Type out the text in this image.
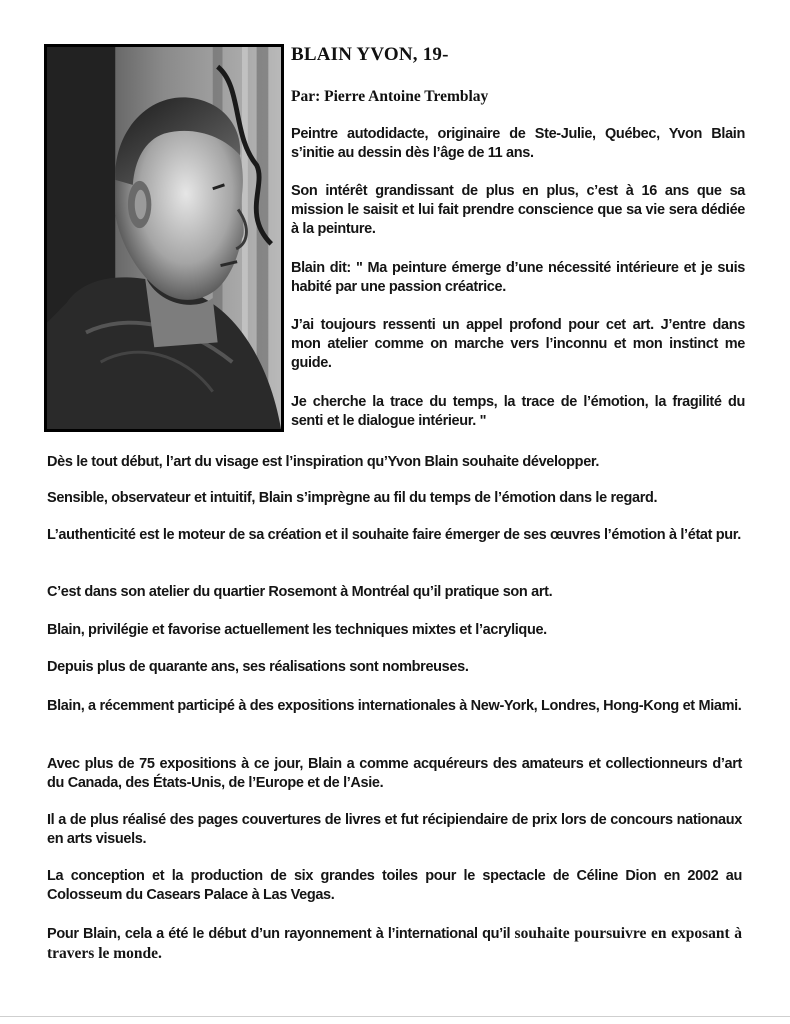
BLAIN YVON, 19-
Par: Pierre Antoine Tremblay

Peintre autodidacte, originaire de Ste-Julie, Québec, Yvon Blain s’initie au dessin dès l’âge de 11 ans.

Son intérêt grandissant de plus en plus, c’est à 16 ans que sa mission le saisit et lui fait prendre conscience que sa vie sera dédiée à la peinture.

Blain dit: " Ma peinture émerge d’une nécessité intérieure et je suis habité par une passion créatrice.

J’ai toujours ressenti un appel profond pour cet art. J’entre dans mon atelier comme on marche vers l’inconnu et mon instinct me guide.

Je cherche la trace du temps, la trace de l’émotion, la fragilité du senti et le dialogue intérieur. "

Dès le tout début, l’art du visage est l’inspiration qu’Yvon Blain souhaite développer.

Sensible, observateur et intuitif, Blain s’imprègne au fil du temps de l’émotion dans le regard.

L’authenticité est le moteur de sa création et il souhaite faire émerger de ses œuvres l’émotion à l’état pur.

C’est dans son atelier du quartier Rosemont à Montréal qu’il pratique son art.

Blain, privilégie et favorise actuellement les techniques mixtes et l’acrylique.

Depuis plus de quarante ans, ses réalisations sont nombreuses.

Blain, a récemment participé à des expositions internationales à New-York, Londres, Hong-Kong et Miami.

Avec plus de 75 expositions à ce jour, Blain a comme acquéreurs des amateurs et collectionneurs d’art du Canada, des États-Unis, de l’Europe et de l’Asie.

Il a de plus réalisé des pages couvertures de livres et fut récipiendaire de prix lors de concours nationaux en arts visuels.

La conception et la production de six grandes toiles pour le spectacle de Céline Dion en 2002 au Colosseum du Casears Palace à Las Vegas.

Pour Blain, cela a été le début d’un rayonnement à l’international qu’il souhaite poursuivre en exposant à travers le monde.
